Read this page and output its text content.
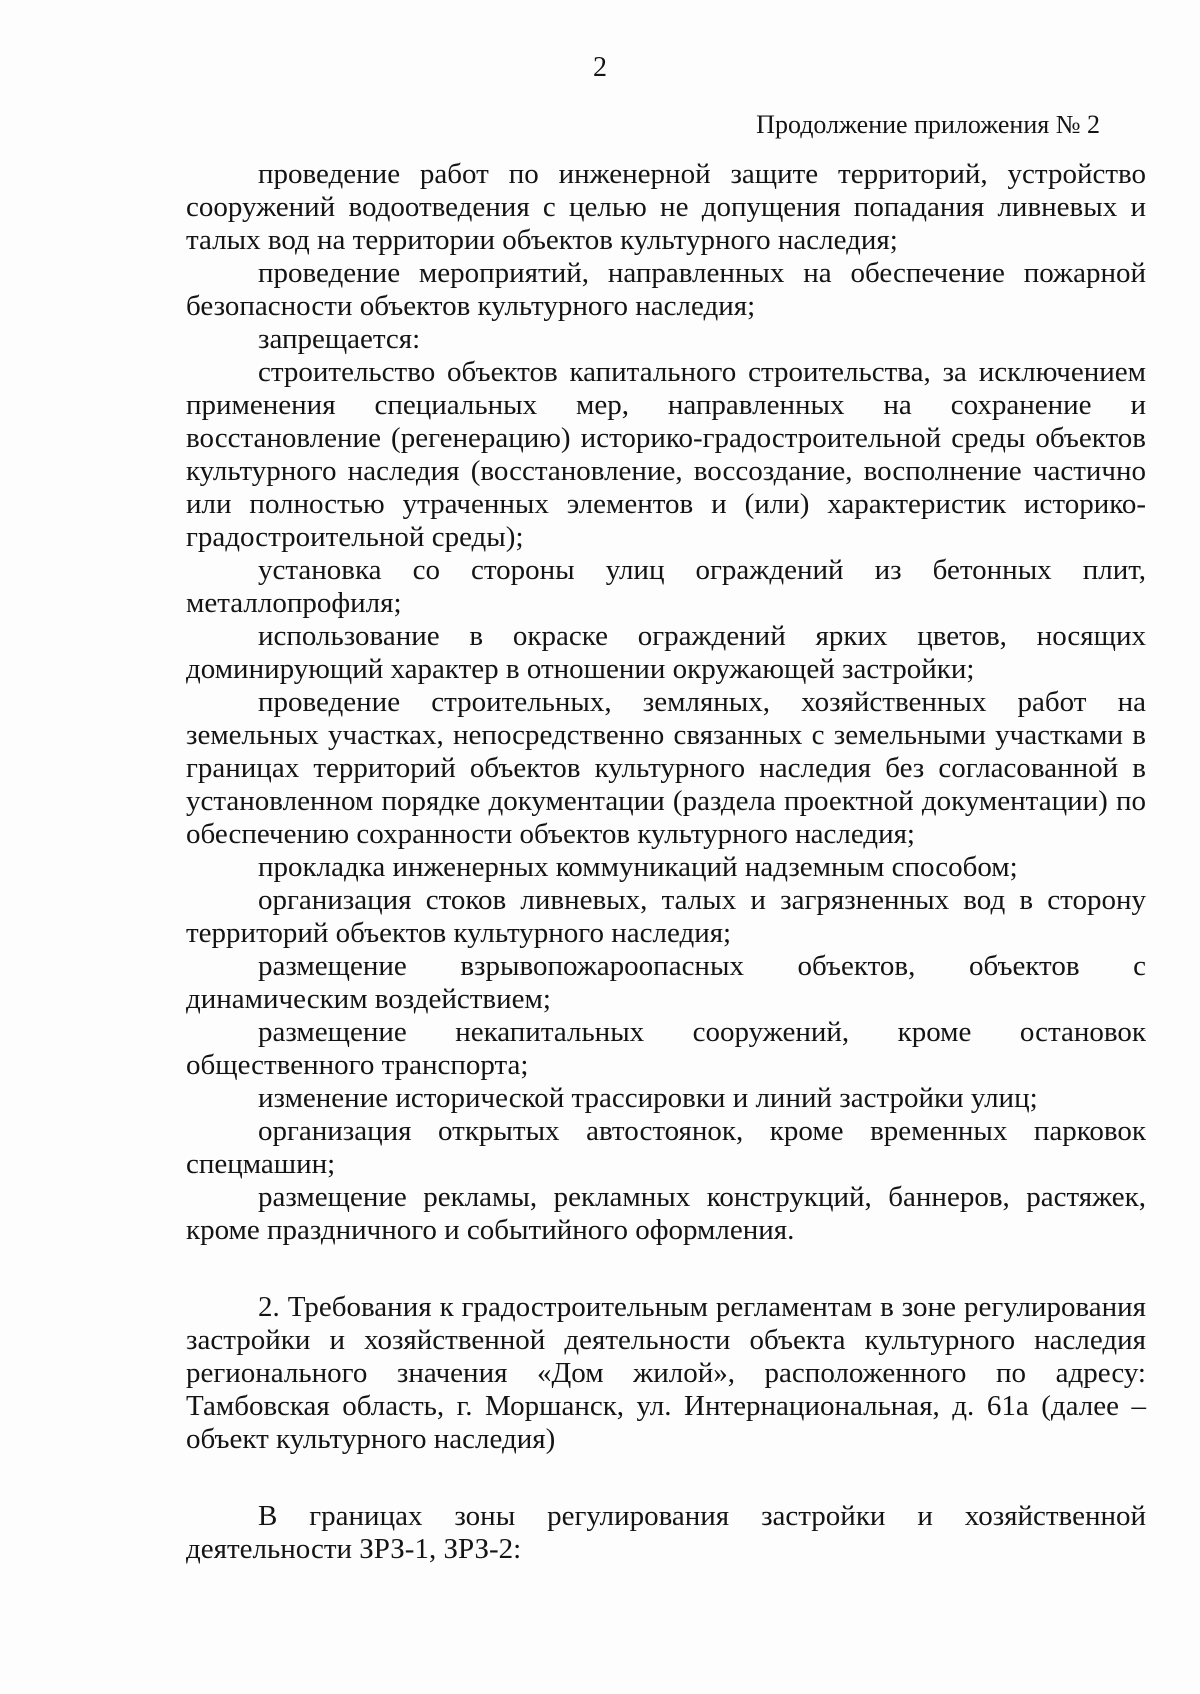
2
Продолжение приложения № 2

проведение работ по инженерной защите территорий, устройство сооружений водоотведения с целью не допущения попадания ливневых и талых вод на территории объектов культурного наследия;

проведение мероприятий, направленных на обеспечение пожарной безопасности объектов культурного наследия;

запрещается:

строительство объектов капитального строительства, за исключением применения специальных мер, направленных на сохранение и восстановление (регенерацию) историко-градостроительной среды объектов культурного наследия (восстановление, воссоздание, восполнение частично или полностью утраченных элементов и (или) характеристик историко-градостроительной среды);

установка со стороны улиц ограждений из бетонных плит, металлопрофиля;

использование в окраске ограждений ярких цветов, носящих доминирующий характер в отношении окружающей застройки;

проведение строительных, земляных, хозяйственных работ на земельных участках, непосредственно связанных с земельными участками в границах территорий объектов культурного наследия без согласованной в установленном порядке документации (раздела проектной документации) по обеспечению сохранности объектов культурного наследия;

прокладка инженерных коммуникаций надземным способом;

организация стоков ливневых, талых и загрязненных вод в сторону территорий объектов культурного наследия;

размещение взрывопожароопасных объектов, объектов с динамическим воздействием;

размещение некапитальных сооружений, кроме остановок общественного транспорта;

изменение исторической трассировки и линий застройки улиц;

организация открытых автостоянок, кроме временных парковок спецмашин;

размещение рекламы, рекламных конструкций, баннеров, растяжек, кроме праздничного и событийного оформления.

2. Требования к градостроительным регламентам в зоне регулирования застройки и хозяйственной деятельности объекта культурного наследия регионального значения «Дом жилой», расположенного по адресу: Тамбовская область, г. Моршанск, ул. Интернациональная, д. 61а (далее – объект культурного наследия)

В границах зоны регулирования застройки и хозяйственной деятельности ЗРЗ-1, ЗРЗ-2:
